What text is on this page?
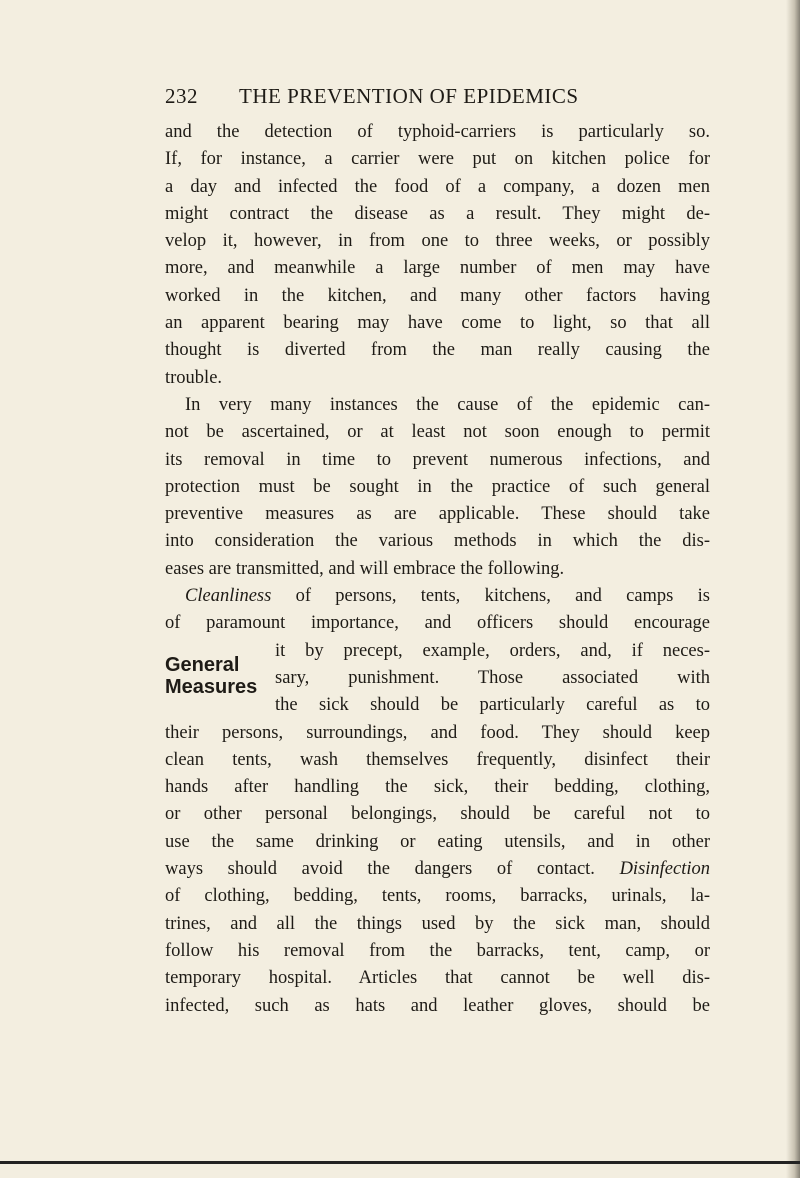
232 THE PREVENTION OF EPIDEMICS
and the detection of typhoid-carriers is particularly so.
If, for instance, a carrier were put on kitchen police for
a day and infected the food of a company, a dozen men
might contract the disease as a result. They might de-
velop it, however, in from one to three weeks, or possibly
more, and meanwhile a large number of men may have
worked in the kitchen, and many other factors having
an apparent bearing may have come to light, so that all
thought is diverted from the man really causing the
trouble.
In very many instances the cause of the epidemic can-
not be ascertained, or at least not soon enough to permit
its removal in time to prevent numerous infections, and
protection must be sought in the practice of such general
preventive measures as are applicable. These should take
into consideration the various methods in which the dis-
eases are transmitted, and will embrace the following.
Cleanliness of persons, tents, kitchens, and camps is
of paramount importance, and officers should encourage
General
Measures
it by precept, example, orders, and, if neces-
sary, punishment. Those associated with
the sick should be particularly careful as to
their persons, surroundings, and food. They should keep
clean tents, wash themselves frequently, disinfect their
hands after handling the sick, their bedding, clothing,
or other personal belongings, should be careful not to
use the same drinking or eating utensils, and in other
ways should avoid the dangers of contact. Disinfection
of clothing, bedding, tents, rooms, barracks, urinals, la-
trines, and all the things used by the sick man, should
follow his removal from the barracks, tent, camp, or
temporary hospital. Articles that cannot be well dis-
infected, such as hats and leather gloves, should be
